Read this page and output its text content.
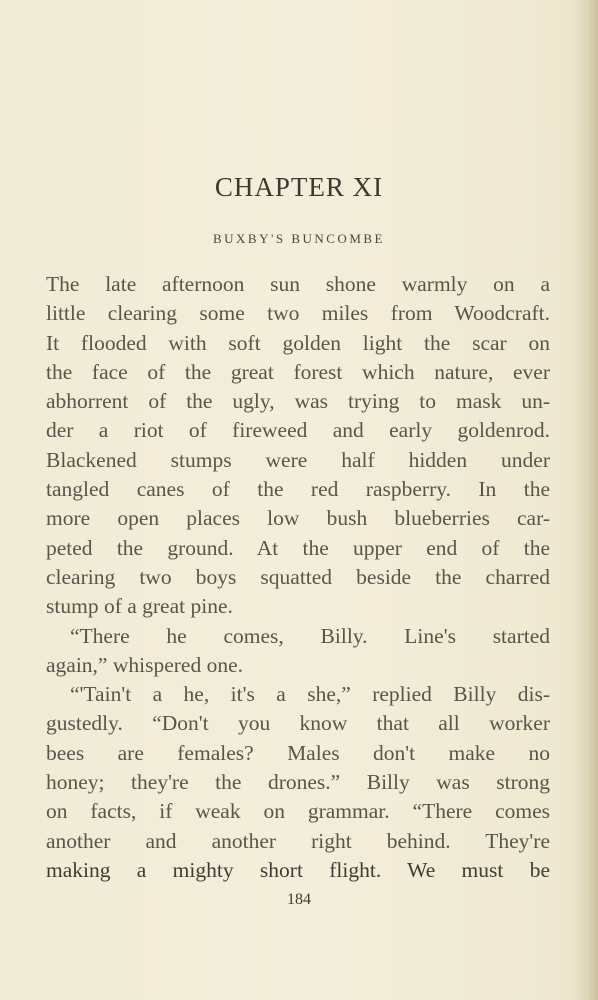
CHAPTER XI
BUXBY'S BUNCOMBE
The late afternoon sun shone warmly on a
little clearing some two miles from Woodcraft.
It flooded with soft golden light the scar on
the face of the great forest which nature, ever
abhorrent of the ugly, was trying to mask un-
der a riot of fireweed and early goldenrod.
Blackened stumps were half hidden under
tangled canes of the red raspberry. In the
more open places low bush blueberries car-
peted the ground. At the upper end of the
clearing two boys squatted beside the charred
stump of a great pine.
“There he comes, Billy. Line's started
again,” whispered one.
“'Tain't a he, it's a she,” replied Billy dis-
gustedly. “Don't you know that all worker
bees are females? Males don't make no
honey; they're the drones.” Billy was strong
on facts, if weak on grammar. “There comes
another and another right behind. They're
making a mighty short flight. We must be
184
